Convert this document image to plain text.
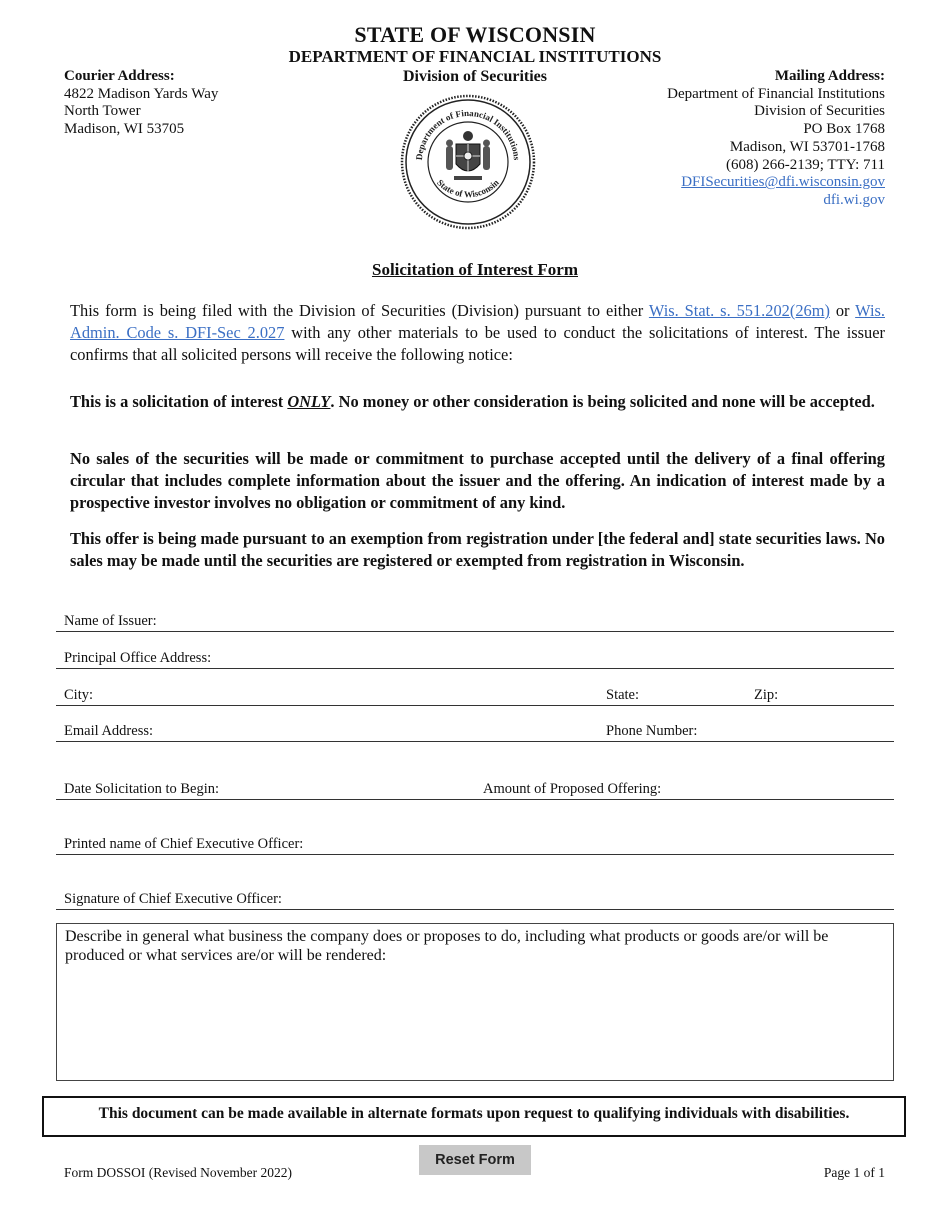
STATE OF WISCONSIN
DEPARTMENT OF FINANCIAL INSTITUTIONS
Division of Securities
Courier Address:
4822 Madison Yards Way
North Tower
Madison, WI 53705
Mailing Address:
Department of Financial Institutions
Division of Securities
PO Box 1768
Madison, WI 53701-1768
(608) 266-2139; TTY: 711
DFISecurities@dfi.wisconsin.gov
dfi.wi.gov
Department of Financial Institutions
State of Wisconsin
Solicitation of Interest Form
This form is being filed with the Division of Securities (Division) pursuant to either Wis. Stat. s. 551.202(26m) or Wis. Admin. Code s. DFI-Sec 2.027 with any other materials to be used to conduct the solicitations of interest. The issuer confirms that all solicited persons will receive the following notice:
This is a solicitation of interest ONLY. No money or other consideration is being solicited and none will be accepted.
No sales of the securities will be made or commitment to purchase accepted until the delivery of a final offering circular that includes complete information about the issuer and the offering. An indication of interest made by a prospective investor involves no obligation or commitment of any kind.
This offer is being made pursuant to an exemption from registration under [the federal and] state securities laws. No sales may be made until the securities are registered or exempted from registration in Wisconsin.
Name of Issuer:
Principal Office Address:
City:	State:	Zip:
Email Address:	Phone Number:
Date Solicitation to Begin:	Amount of Proposed Offering:
Printed name of Chief Executive Officer:
Signature of Chief Executive Officer:
Describe in general what business the company does or proposes to do, including what products or goods are/or will be produced or what services are/or will be rendered:
This document can be made available in alternate formats upon request to qualifying individuals with disabilities.
Form DOSSOI (Revised November 2022)
Reset Form
Page 1 of 1
